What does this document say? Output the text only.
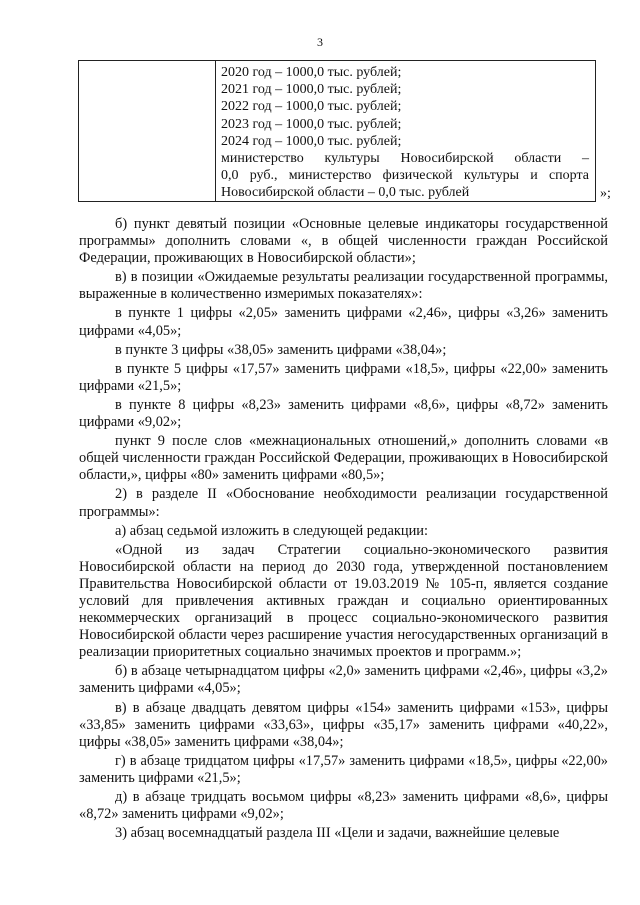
3
2020 год – 1000,0 тыс. рублей;
2021 год – 1000,0 тыс. рублей;
2022 год – 1000,0 тыс. рублей;
2023 год – 1000,0 тыс. рублей;
2024 год – 1000,0 тыс. рублей;
министерство культуры Новосибирской области –
0,0 руб., министерство физической культуры и спорта
Новосибирской области – 0,0 тыс. рублей	»;

б) пункт девятый позиции «Основные целевые индикаторы государственной программы» дополнить словами «, в общей численности граждан Российской Федерации, проживающих в Новосибирской области»;

в) в позиции «Ожидаемые результаты реализации государственной программы, выраженные в количественно измеримых показателях»:

в пункте 1 цифры «2,05» заменить цифрами «2,46», цифры «3,26» заменить цифрами «4,05»;

в пункте 3 цифры «38,05» заменить цифрами «38,04»;

в пункте 5 цифры «17,57» заменить цифрами «18,5», цифры «22,00» заменить цифрами «21,5»;

в пункте 8 цифры «8,23» заменить цифрами «8,6», цифры «8,72» заменить цифрами «9,02»;

пункт 9 после слов «межнациональных отношений,» дополнить словами «в общей численности граждан Российской Федерации, проживающих в Новосибирской области,», цифры «80» заменить цифрами «80,5»;

2) в разделе II «Обоснование необходимости реализации государственной программы»:

а) абзац седьмой изложить в следующей редакции:

«Одной из задач Стратегии социально-экономического развития Новосибирской области на период до 2030 года, утвержденной постановлением Правительства Новосибирской области от 19.03.2019 № 105-п, является создание условий для привлечения активных граждан и социально ориентированных некоммерческих организаций в процесс социально-экономического развития Новосибирской области через расширение участия негосударственных организаций в реализации приоритетных социально значимых проектов и программ.»;

б) в абзаце четырнадцатом цифры «2,0» заменить цифрами «2,46», цифры «3,2» заменить цифрами «4,05»;

в) в абзаце двадцать девятом цифры «154» заменить цифрами «153», цифры «33,85» заменить цифрами «33,63», цифры «35,17» заменить цифрами «40,22», цифры «38,05» заменить цифрами «38,04»;

г) в абзаце тридцатом цифры «17,57» заменить цифрами «18,5», цифры «22,00» заменить цифрами «21,5»;

д) в абзаце тридцать восьмом цифры «8,23» заменить цифрами «8,6», цифры «8,72» заменить цифрами «9,02»;

3) абзац восемнадцатый раздела III «Цели и задачи, важнейшие целевые
